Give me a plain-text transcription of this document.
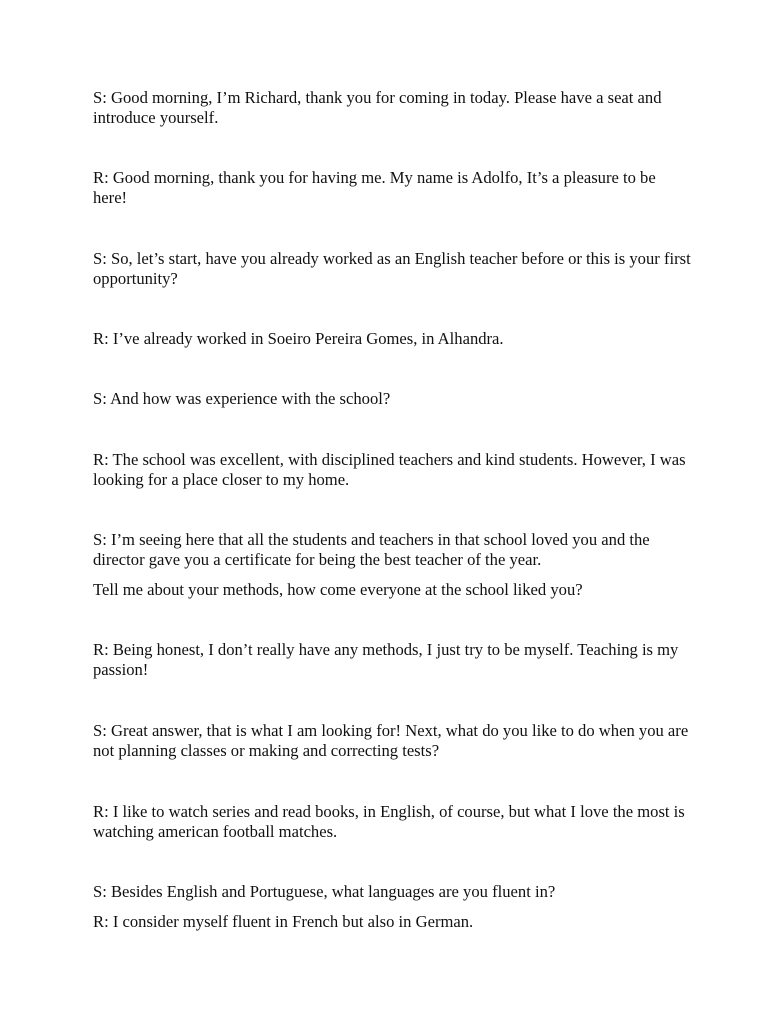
S: Good morning, I’m Richard, thank you for coming in today. Please have a seat and introduce yourself.

R: Good morning, thank you for having me. My name is Adolfo, It’s a pleasure to be here!

S: So, let’s start, have you already worked as an English teacher before or this is your first opportunity?

R: I’ve already worked in Soeiro Pereira Gomes, in Alhandra.

S: And how was experience with the school?

R: The school was excellent, with disciplined teachers and kind students. However, I was looking for a place closer to my home.

S: I’m seeing here that all the students and teachers in that school loved you and the director gave you a certificate for being the best teacher of the year.

Tell me about your methods, how come everyone at the school liked you?

R: Being honest, I don’t really have any methods, I just try to be myself. Teaching is my passion!

S: Great answer, that is what I am looking for! Next, what do you like to do when you are not planning classes or making and correcting tests?

R: I like to watch series and read books, in English, of course, but what I love the most is watching american football matches.

S: Besides English and Portuguese, what languages are you fluent in?

R: I consider myself fluent in French but also in German.
